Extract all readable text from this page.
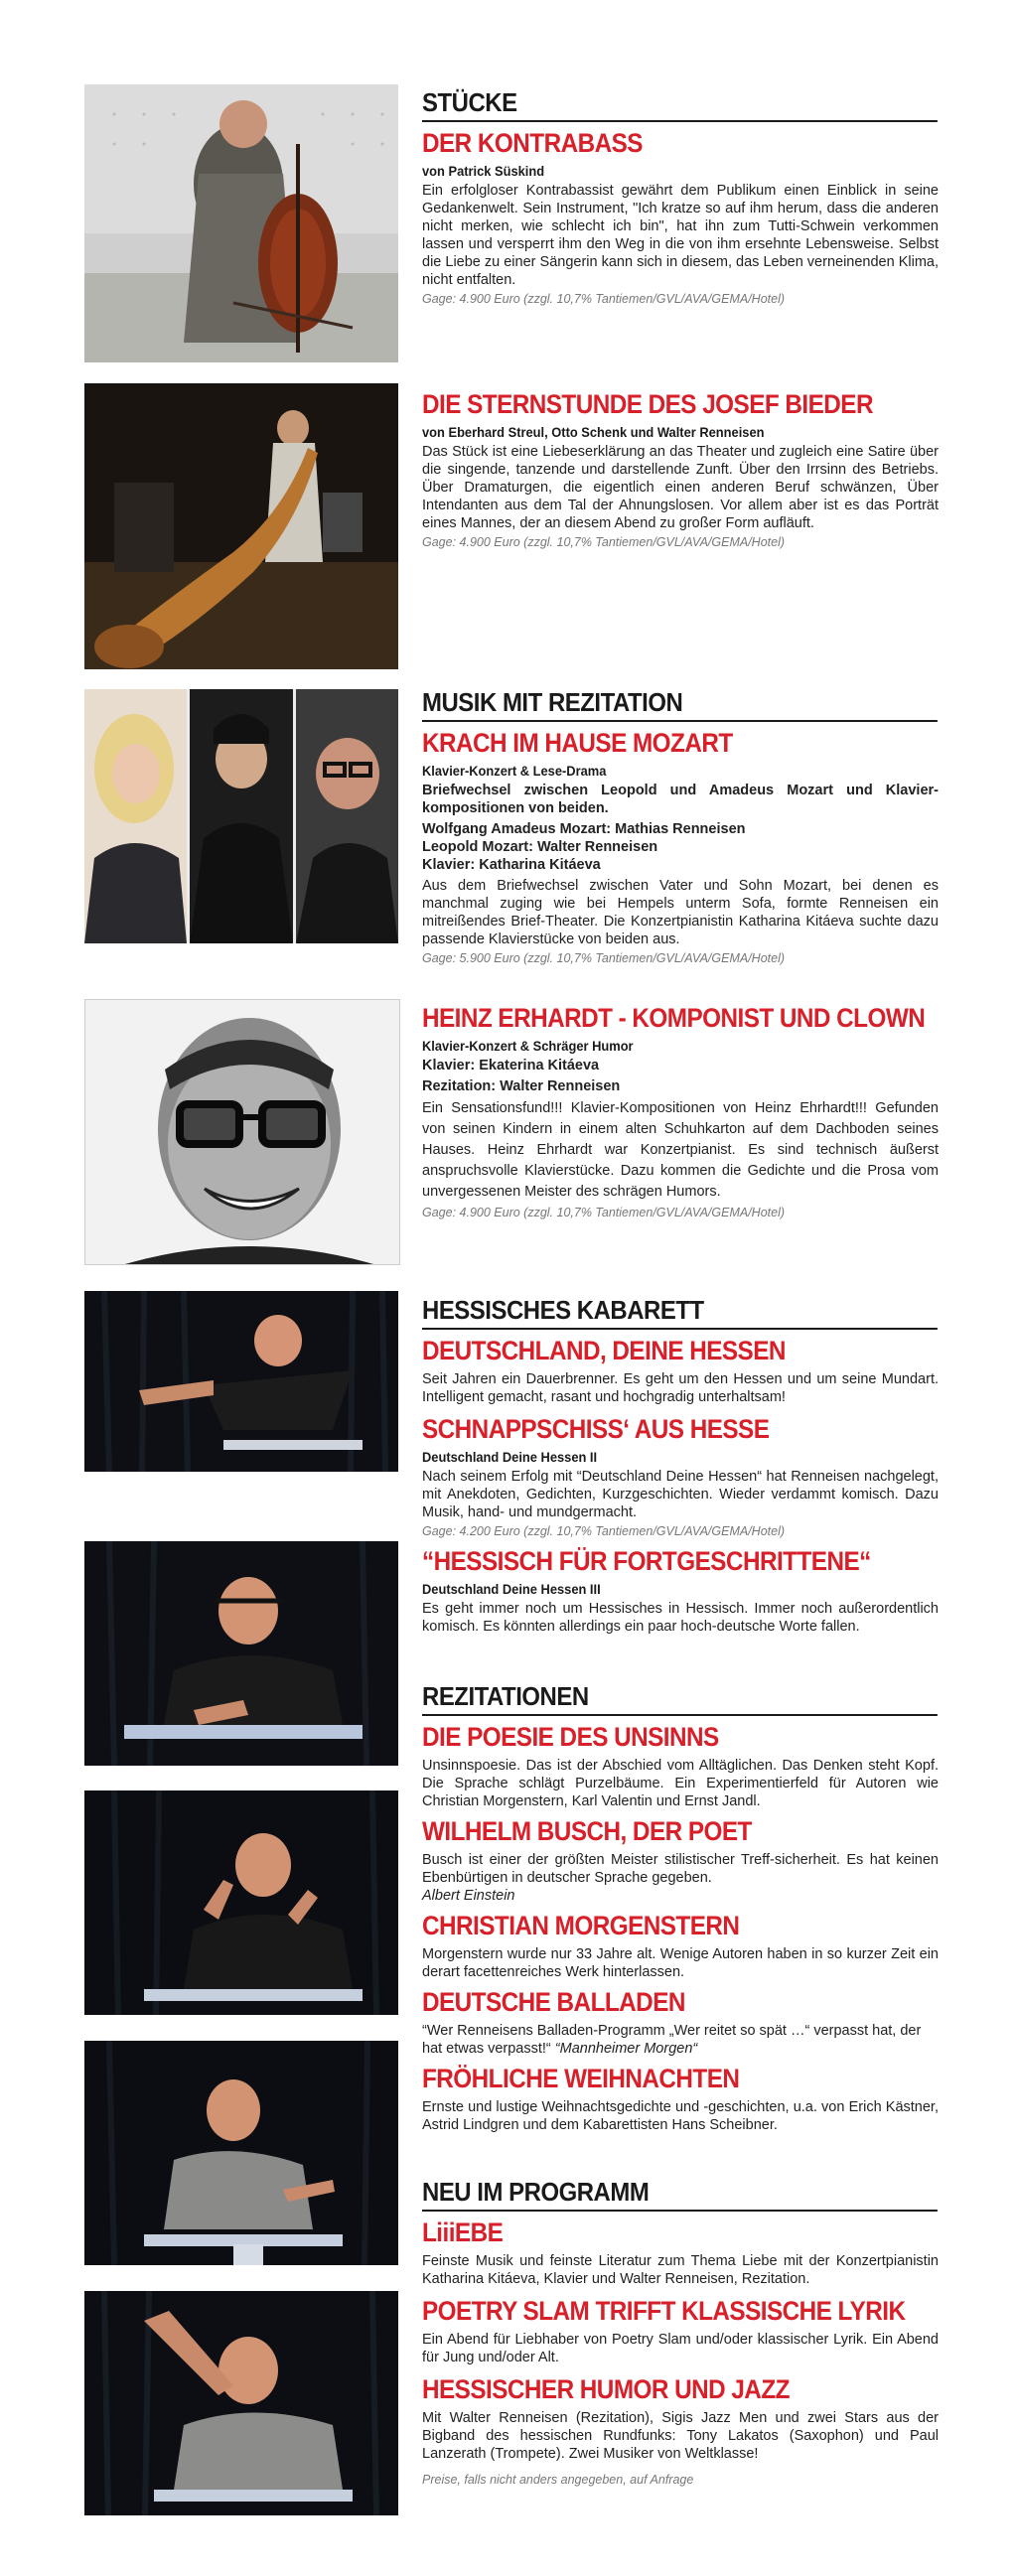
STÜCKE
DER KONTRABASS
von Patrick Süskind
Ein erfolgloser Kontrabassist gewährt dem Publikum einen Einblick in seine Gedankenwelt. Sein Instrument, "Ich kratze so auf ihm herum, dass die anderen nicht merken, wie schlecht ich bin", hat ihn zum Tutti-Schwein verkommen lassen und versperrt ihm den Weg in die von ihm ersehnte Lebensweise. Selbst die Liebe zu einer Sängerin kann sich in diesem, das Leben verneinenden Klima, nicht entfalten.
Gage: 4.900 Euro (zzgl. 10,7% Tantiemen/GVL/AVA/GEMA/Hotel)
DIE STERNSTUNDE DES JOSEF BIEDER
von Eberhard Streul, Otto Schenk und Walter Renneisen
Das Stück ist eine Liebeserklärung an das Theater und zugleich eine Satire über die singende, tanzende und darstellende Zunft. Über den Irrsinn des Betriebs. Über Dramaturgen, die eigentlich einen anderen Beruf schwänzen, Über Intendanten aus dem Tal der Ahnungslosen. Vor allem aber ist es das Porträt eines Mannes, der an diesem Abend zu großer Form aufläuft.
Gage: 4.900 Euro (zzgl. 10,7% Tantiemen/GVL/AVA/GEMA/Hotel)
MUSIK MIT REZITATION
KRACH IM HAUSE MOZART
Klavier-Konzert & Lese-Drama
Briefwechsel zwischen Leopold und Amadeus Mozart und Klavier-kompositionen von beiden.
Wolfgang Amadeus Mozart: Mathias Renneisen
Leopold Mozart: Walter Renneisen
Klavier: Katharina Kitáeva
Aus dem Briefwechsel zwischen Vater und Sohn Mozart, bei denen es manchmal zuging wie bei Hempels unterm Sofa, formte Renneisen ein mitreißendes Brief-Theater. Die Konzertpianistin Katharina Kitáeva suchte dazu passende Klavierstücke von beiden aus.
Gage: 5.900 Euro (zzgl. 10,7% Tantiemen/GVL/AVA/GEMA/Hotel)
HEINZ ERHARDT - KOMPONIST UND CLOWN
Klavier-Konzert & Schräger Humor
Klavier: Ekaterina Kitáeva
Rezitation: Walter Renneisen
Ein Sensationsfund!!! Klavier-Kompositionen von Heinz Ehrhardt!!! Gefunden von seinen Kindern in einem alten Schuhkarton auf dem Dachboden seines Hauses. Heinz Ehrhardt war Konzertpianist. Es sind technisch äußerst anspruchsvolle Klavierstücke. Dazu kommen die Gedichte und die Prosa vom unvergessenen Meister des schrägen Humors.
Gage: 4.900 Euro (zzgl. 10,7% Tantiemen/GVL/AVA/GEMA/Hotel)
HESSISCHES KABARETT
DEUTSCHLAND, DEINE HESSEN
Seit Jahren ein Dauerbrenner. Es geht um den Hessen und um seine Mundart. Intelligent gemacht, rasant und hochgradig unterhaltsam!
SCHNAPPSCHISS‘ AUS HESSE
Deutschland Deine Hessen II
Nach seinem Erfolg mit “Deutschland Deine Hessen“ hat Renneisen nachgelegt, mit Anekdoten, Gedichten, Kurzgeschichten. Wieder verdammt komisch. Dazu Musik, hand- und mundgermacht.
Gage: 4.200 Euro (zzgl. 10,7% Tantiemen/GVL/AVA/GEMA/Hotel)
“HESSISCH FÜR FORTGESCHRITTENE“
Deutschland Deine Hessen III
Es geht immer noch um Hessisches in Hessisch. Immer noch außerordentlich komisch. Es könnten allerdings ein paar hoch-deutsche Worte fallen.
REZITATIONEN
DIE POESIE DES UNSINNS
Unsinnspoesie. Das ist der Abschied vom Alltäglichen. Das Denken steht Kopf. Die Sprache schlägt Purzelbäume. Ein Experimentierfeld für Autoren wie Christian Morgenstern, Karl Valentin und Ernst Jandl.
WILHELM BUSCH, DER POET
Busch ist einer der größten Meister stilistischer Treff-sicherheit. Es hat keinen Ebenbürtigen in deutscher Sprache gegeben.
Albert Einstein
CHRISTIAN MORGENSTERN
Morgenstern wurde nur 33 Jahre alt. Wenige Autoren haben in so kurzer Zeit ein derart facettenreiches Werk hinterlassen.
DEUTSCHE BALLADEN
“Wer Renneisens Balladen-Programm „Wer reitet so spät …“ verpasst hat, der hat etwas verpasst!“ “Mannheimer Morgen“
FRÖHLICHE WEIHNACHTEN
Ernste und lustige Weihnachtsgedichte und -geschichten, u.a. von Erich Kästner, Astrid Lindgren und dem Kabarettisten Hans Scheibner.
NEU IM PROGRAMM
LiiiEBE
Feinste Musik und feinste Literatur zum Thema Liebe mit der Konzertpianistin Katharina Kitáeva, Klavier und Walter Renneisen, Rezitation.
POETRY SLAM TRIFFT KLASSISCHE LYRIK
Ein Abend für Liebhaber von Poetry Slam und/oder klassischer Lyrik. Ein Abend für Jung und/oder Alt.
HESSISCHER HUMOR UND JAZZ
Mit Walter Renneisen (Rezitation), Sigis Jazz Men und zwei Stars aus der Bigband des hessischen Rundfunks: Tony Lakatos (Saxophon) und Paul Lanzerath (Trompete). Zwei Musiker von Weltklasse!
Preise, falls nicht anders angegeben, auf Anfrage
